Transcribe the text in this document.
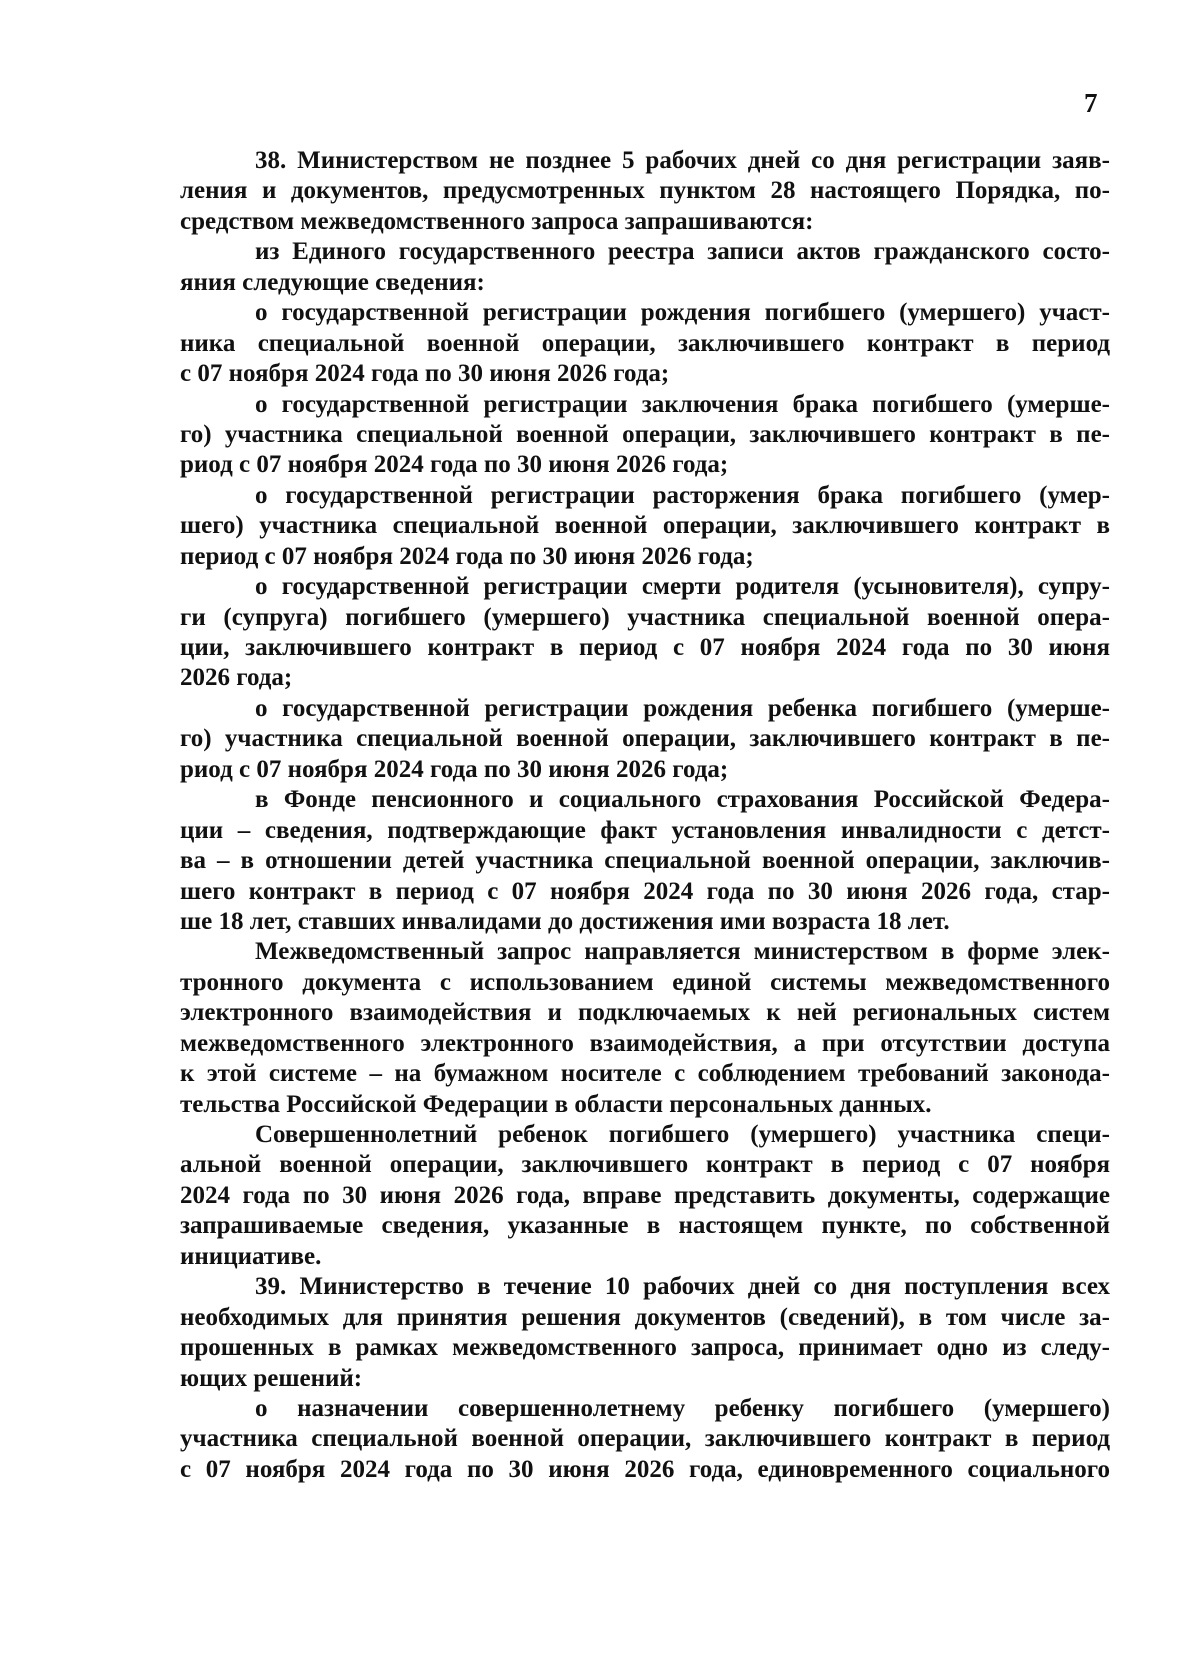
7
38. Министерством не позднее 5 рабочих дней со дня регистрации заяв-
ления и документов, предусмотренных пунктом 28 настоящего Порядка, по-
средством межведомственного запроса запрашиваются:
из Единого государственного реестра записи актов гражданского состо-
яния следующие сведения:
о государственной регистрации рождения погибшего (умершего) участ-
ника специальной военной операции, заключившего контракт в период
с 07 ноября 2024 года по 30 июня 2026 года;
о государственной регистрации заключения брака погибшего (умерше-
го) участника специальной военной операции, заключившего контракт в пе-
риод с 07 ноября 2024 года по 30 июня 2026 года;
о государственной регистрации расторжения брака погибшего (умер-
шего) участника специальной военной операции, заключившего контракт в
период с 07 ноября 2024 года по 30 июня 2026 года;
о государственной регистрации смерти родителя (усыновителя), супру-
ги (супруга) погибшего (умершего) участника специальной военной опера-
ции, заключившего контракт в период с 07 ноября 2024 года по 30 июня
2026 года;
о государственной регистрации рождения ребенка погибшего (умерше-
го) участника специальной военной операции, заключившего контракт в пе-
риод с 07 ноября 2024 года по 30 июня 2026 года;
в Фонде пенсионного и социального страхования Российской Федера-
ции – сведения, подтверждающие факт установления инвалидности с детст-
ва – в отношении детей участника специальной военной операции, заключив-
шего контракт в период с 07 ноября 2024 года по 30 июня 2026 года, стар-
ше 18 лет, ставших инвалидами до достижения ими возраста 18 лет.
Межведомственный запрос направляется министерством в форме элек-
тронного документа с использованием единой системы межведомственного
электронного взаимодействия и подключаемых к ней региональных систем
межведомственного электронного взаимодействия, а при отсутствии доступа
к этой системе – на бумажном носителе с соблюдением требований законода-
тельства Российской Федерации в области персональных данных.
Совершеннолетний ребенок погибшего (умершего) участника специ-
альной военной операции, заключившего контракт в период с 07 ноября
2024 года по 30 июня 2026 года, вправе представить документы, содержащие
запрашиваемые сведения, указанные в настоящем пункте, по собственной
инициативе.
39. Министерство в течение 10 рабочих дней со дня поступления всех
необходимых для принятия решения документов (сведений), в том числе за-
прошенных в рамках межведомственного запроса, принимает одно из следу-
ющих решений:
о назначении совершеннолетнему ребенку погибшего (умершего)
участника специальной военной операции, заключившего контракт в период
с 07 ноября 2024 года по 30 июня 2026 года, единовременного социального
